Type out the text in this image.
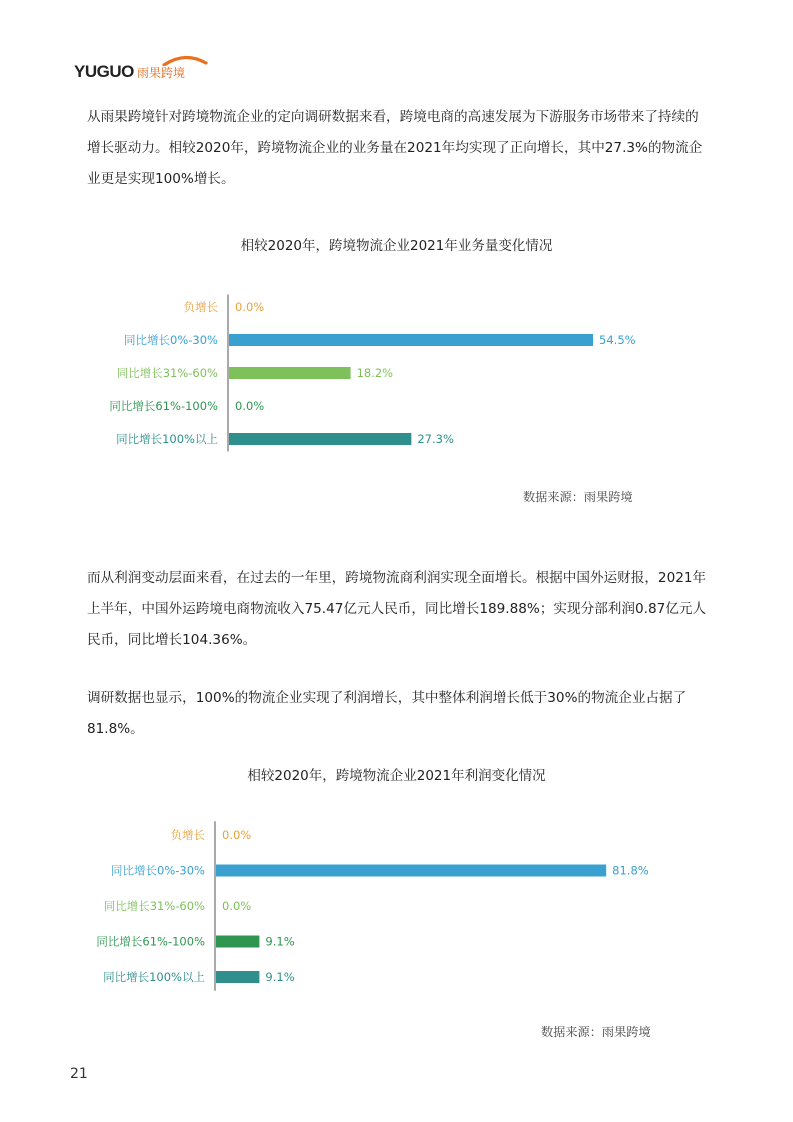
YUGUO 雨果跨境

从雨果跨境针对跨境物流企业的定向调研数据来看，跨境电商的高速发展为下游服务市场带来了持续的增长驱动力。相较2020年，跨境物流企业的业务量在2021年均实现了正向增长，其中27.3%的物流企业更是实现100%增长。

相较2020年，跨境物流企业2021年业务量变化情况

负增长 0.0%
同比增长0%-30%	54.5%
同比增长31%-60%	18.2%
同比增长61%-100% 0.0%
同比增长100%以上	27.3%
数据来源：雨果跨境

而从利润变动层面来看，在过去的一年里，跨境物流商利润实现全面增长。根据中国外运财报，2021年上半年，中国外运跨境电商物流收入75.47亿元人民币，同比增长189.88%；实现分部利润0.87亿元人民币，同比增长104.36%。

调研数据也显示，100%的物流企业实现了利润增长，其中整体利润增长低于30%的物流企业占据了81.8%。

相较2020年，跨境物流企业2021年利润变化情况

负增长 0.0%
同比增长0%-30%	81.8%
同比增长31%-60% 0.0%
同比增长61%-100%	9.1%
同比增长100%以上	9.1%
数据来源：雨果跨境
21
